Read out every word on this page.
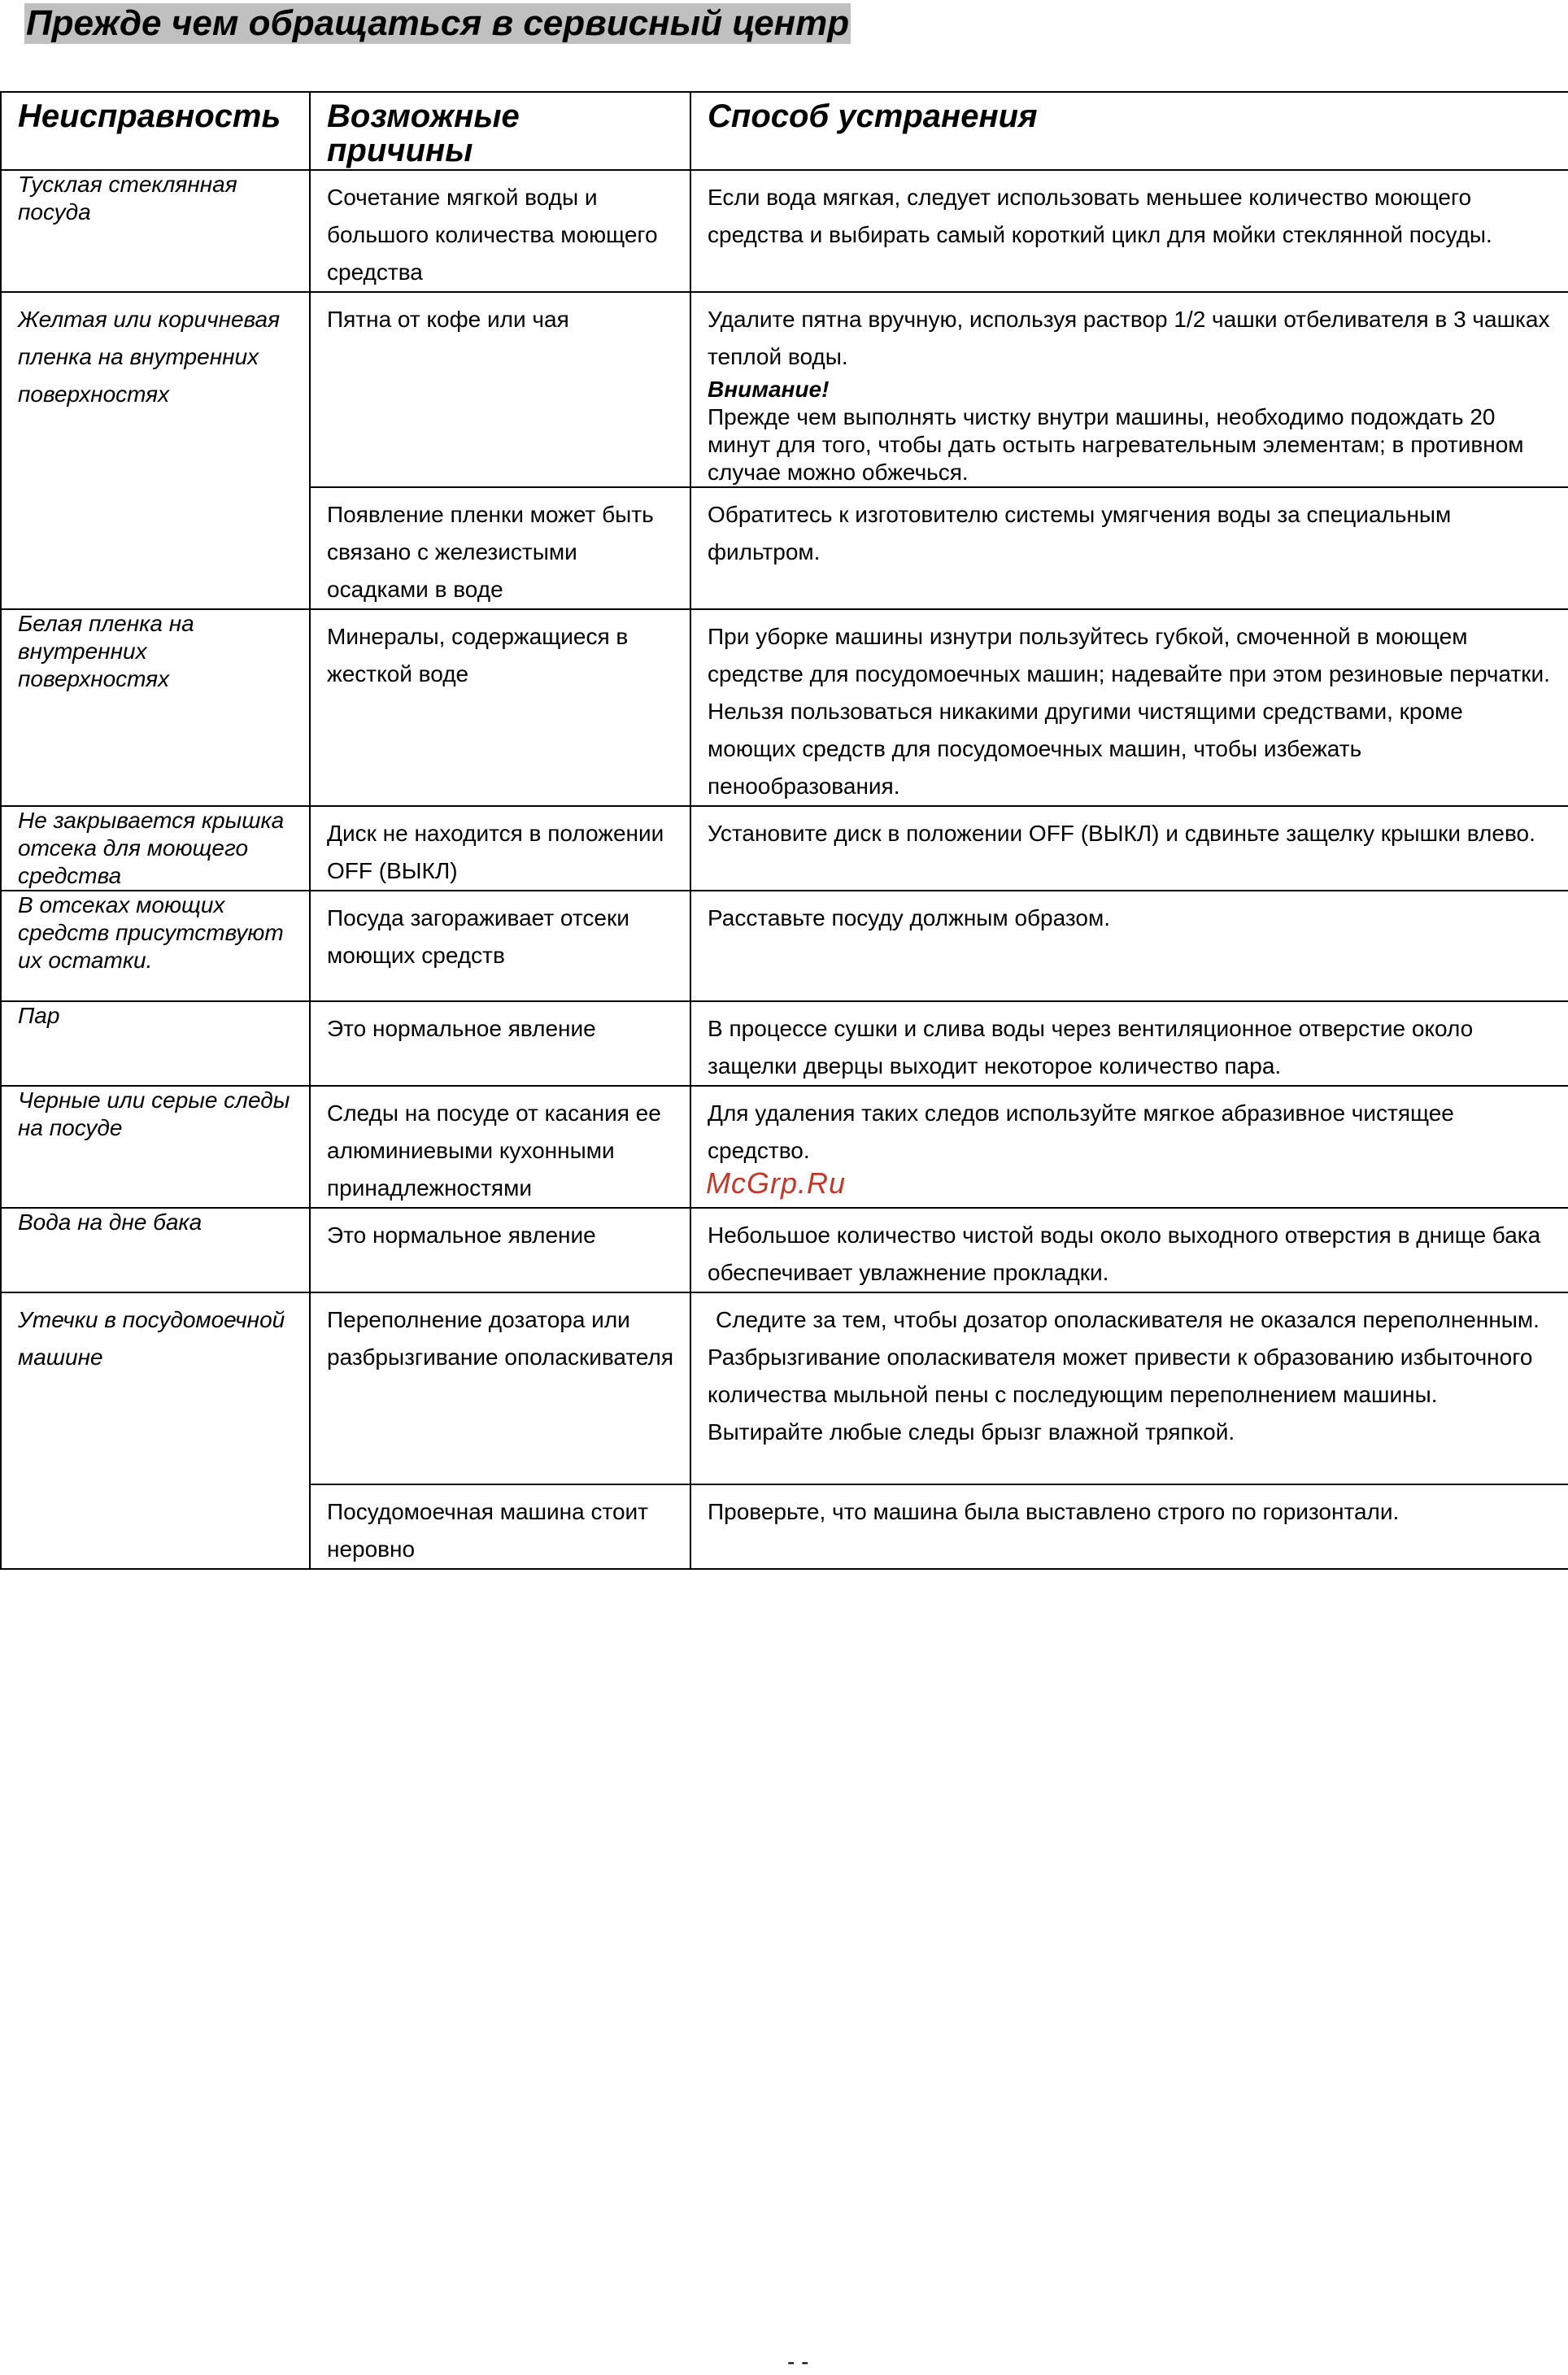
Прежде чем обращаться в сервисный центр
Неисправность	Возможные причины	Способ устранения

Тусклая стеклянная посуда	Сочетание мягкой воды и большого количества моющего средства	Если вода мягкая, следует использовать меньшее количество моющего средства и выбирать самый короткий цикл для мойки стеклянной посуды.

Желтая или коричневая пленка на внутренних поверхностях	Пятна от кофе или чая	Удалите пятна вручную, используя раствор 1/2 чашки отбеливателя в 3 чашках теплой воды.
Внимание!
Прежде чем выполнять чистку внутри машины, необходимо подождать 20 минут для того, чтобы дать остыть нагревательным элементам; в противном случае можно обжечься.

	Появление пленки может быть связано с железистыми осадками в воде	Обратитесь к изготовителю системы умягчения воды за специальным фильтром.

Белая пленка на внутренних поверхностях	Минералы, содержащиеся в жесткой воде	При уборке машины изнутри пользуйтесь губкой, смоченной в моющем средстве для посудомоечных машин; надевайте при этом резиновые перчатки. Нельзя пользоваться никакими другими чистящими средствами, кроме моющих средств для посудомоечных машин, чтобы избежать пенообразования.

Не закрывается крышка отсека для моющего средства	Диск не находится в положении OFF (ВЫКЛ)	Установите диск в положении OFF (ВЫКЛ) и сдвиньте защелку крышки влево.

В отсеках моющих средств присутствуют их остатки.	Посуда загораживает отсеки моющих средств	Расставьте посуду должным образом.

Пар	Это нормальное явление	В процессе сушки и слива воды через вентиляционное отверстие около защелки дверцы выходит некоторое количество пара.

Черные или серые следы на посуде	Следы на посуде от касания ее алюминиевыми кухонными принадлежностями	Для удаления таких следов используйте мягкое абразивное чистящее средство.

Вода на дне бака	Это нормальное явление	Небольшое количество чистой воды около выходного отверстия в днище бака обеспечивает увлажнение прокладки.

Утечки в посудомоечной машине	Переполнение дозатора или разбрызгивание ополаскивателя	Следите за тем, чтобы дозатор ополаскивателя не оказался переполненным.
Разбрызгивание ополаскивателя может привести к образованию избыточного количества мыльной пены с последующим переполнением машины. Вытирайте любые следы брызг влажной тряпкой.

	Посудомоечная машина стоит неровно	Проверьте, что машина была выставлено строго по горизонтали.
McGrp.Ru
- -
